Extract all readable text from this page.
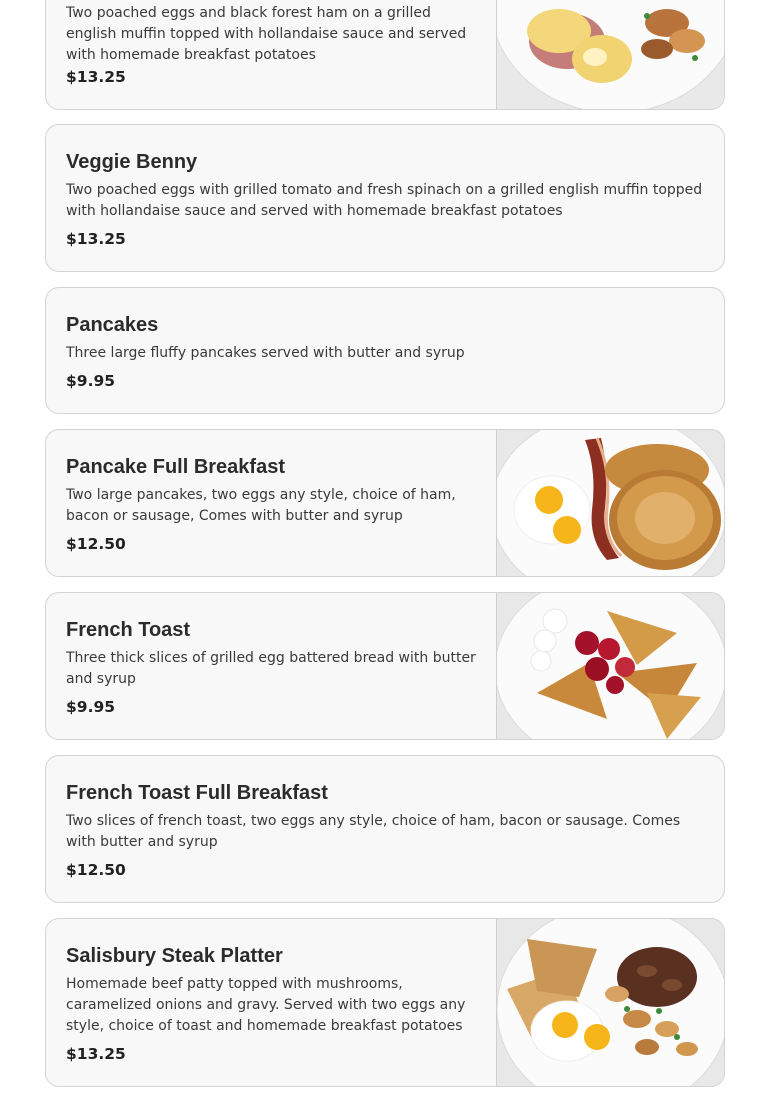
Two poached eggs and black forest ham on a grilled english muffin topped with hollandaise sauce and served with homemade breakfast potatoes
$13.25
Veggie Benny
Two poached eggs with grilled tomato and fresh spinach on a grilled english muffin topped with hollandaise sauce and served with homemade breakfast potatoes
$13.25
Pancakes
Three large fluffy pancakes served with butter and syrup
$9.95
Pancake Full Breakfast
Two large pancakes, two eggs any style, choice of ham, bacon or sausage, Comes with butter and syrup
$12.50
French Toast
Three thick slices of grilled egg battered bread with butter and syrup
$9.95
French Toast Full Breakfast
Two slices of french toast, two eggs any style, choice of ham, bacon or sausage. Comes with butter and syrup
$12.50
Salisbury Steak Platter
Homemade beef patty topped with mushrooms, caramelized onions and gravy. Served with two eggs any style, choice of toast and homemade breakfast potatoes
$13.25
